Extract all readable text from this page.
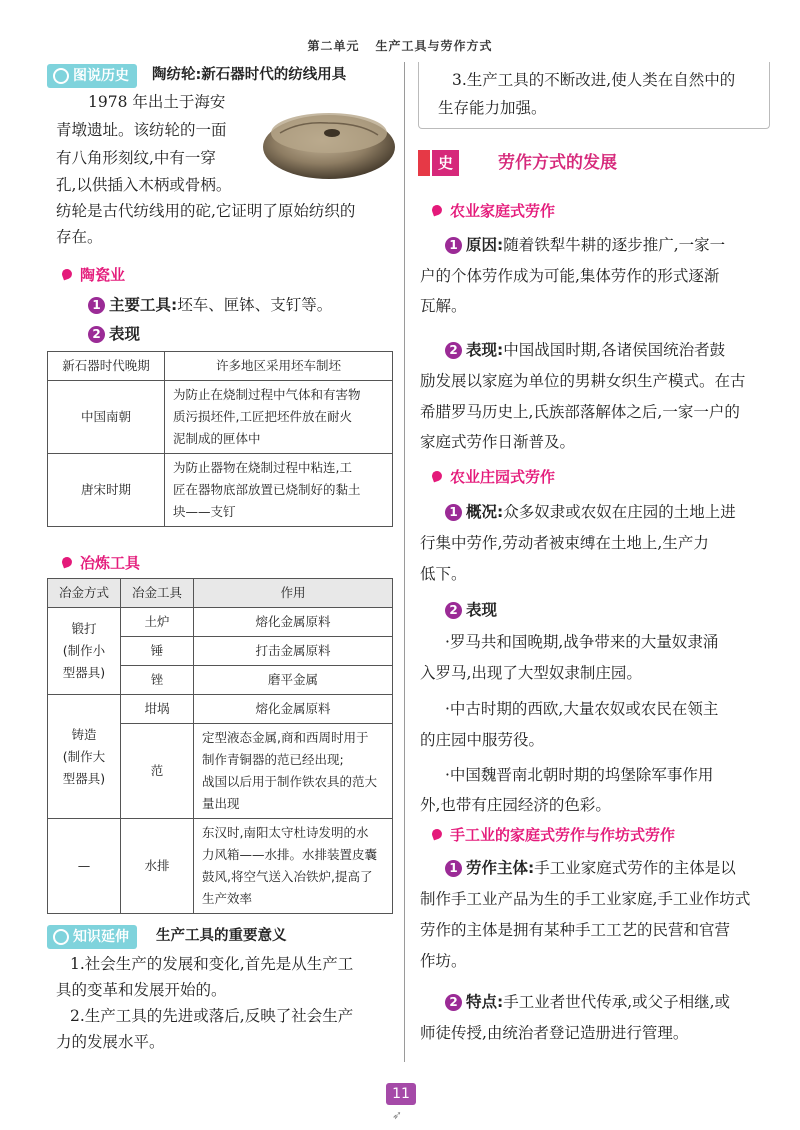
第二单元 生产工具与劳作方式
图说历史	陶纺轮:新石器时代的纺线用具
1978 年出土于海安
青墩遗址。该纺轮的一面
有八角形刻纹,中有一穿
孔,以供插入木柄或骨柄。
纺轮是古代纺线用的砣,它证明了原始纺织的
存在。
陶瓷业
1 主要工具:坯车、匣钵、支钉等。
2 表现
新石器时代晚期	许多地区采用坯车制坯
中国南朝	为防止在烧制过程中气体和有害物
质污损坯件,工匠把坯件放在耐火
泥制成的匣体中
唐宋时期	为防止器物在烧制过程中粘连,工
匠在器物底部放置已烧制好的黏土
块——支钉
冶炼工具
冶金方式	冶金工具	作用
锻打
(制作小
型器具)	土炉	熔化金属原料
	锤	打击金属原料
	锉	磨平金属
铸造
(制作大
型器具)	坩埚	熔化金属原料
	范	定型液态金属,商和西周时用于
制作青铜器的范已经出现;
战国以后用于制作铁农具的范大
量出现
—	水排	东汉时,南阳太守杜诗发明的水
力风箱——水排。水排装置皮囊
鼓风,将空气送入冶铁炉,提高了
生产效率
知识延伸	生产工具的重要意义
1.社会生产的发展和变化,首先是从生产工
具的变革和发展开始的。
2.生产工具的先进或落后,反映了社会生产
力的发展水平。
3.生产工具的不断改进,使人类在自然中的
生存能力加强。
史实3
劳作方式的发展
农业家庭式劳作
1 原因:随着铁犁牛耕的逐步推广,一家一
户的个体劳作成为可能,集体劳作的形式逐渐
瓦解。
2 表现:中国战国时期,各诸侯国统治者鼓
励发展以家庭为单位的男耕女织生产模式。在古
希腊罗马历史上,氏族部落解体之后,一家一户的
家庭式劳作日渐普及。
农业庄园式劳作
1 概况:众多奴隶或农奴在庄园的土地上进
行集中劳作,劳动者被束缚在土地上,生产力
低下。
2 表现
·罗马共和国晚期,战争带来的大量奴隶涌
入罗马,出现了大型奴隶制庄园。
·中古时期的西欧,大量农奴或农民在领主
的庄园中服劳役。
·中国魏晋南北朝时期的坞堡除军事作用
外,也带有庄园经济的色彩。
手工业的家庭式劳作与作坊式劳作
1 劳作主体:手工业家庭式劳作的主体是以
制作手工业产品为生的手工业家庭,手工业作坊式
劳作的主体是拥有某种手工工艺的民营和官营
作坊。
2 特点:手工业者世代传承,或父子相继,或
师徒传授,由统治者登记造册进行管理。
11
➶
